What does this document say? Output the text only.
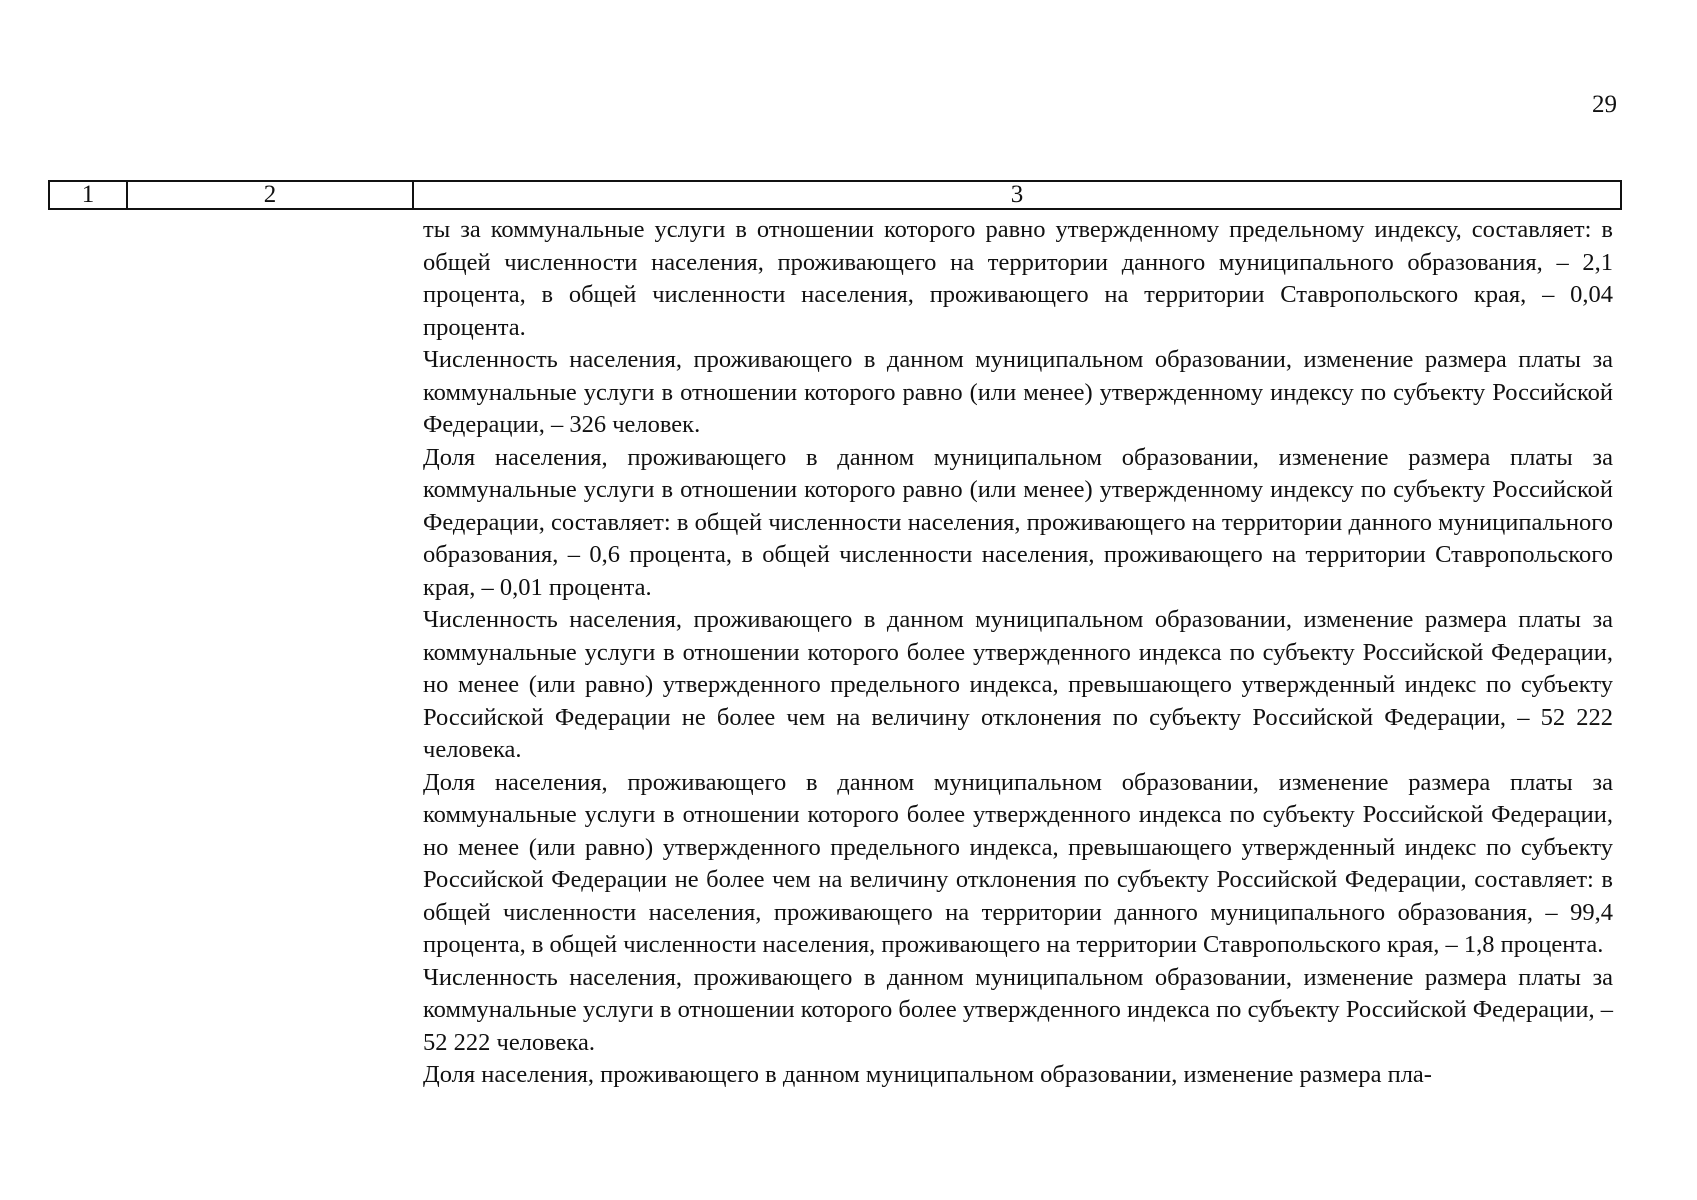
29
1	2	3

ты за коммунальные услуги в отношении которого равно утвержденному предельному индексу, составляет: в общей численности населения, проживающего на территории данного муниципального образования, – 2,1 процента, в общей численности населения, проживающего на территории Ставропольского края, – 0,04 процента.

Численность населения, проживающего в данном муниципальном образовании, изменение размера платы за коммунальные услуги в отношении которого равно (или менее) утвержденному индексу по субъекту Российской Федерации, – 326 человек.

Доля населения, проживающего в данном муниципальном образовании, изменение размера платы за коммунальные услуги в отношении которого равно (или менее) утвержденному индексу по субъекту Российской Федерации, составляет: в общей численности населения, проживающего на территории данного муниципального образования, – 0,6 процента, в общей численности населения, проживающего на территории Ставропольского края, – 0,01 процента.

Численность населения, проживающего в данном муниципальном образовании, изменение размера платы за коммунальные услуги в отношении которого более утвержденного индекса по субъекту Российской Федерации, но менее (или равно) утвержденного предельного индекса, превышающего утвержденный индекс по субъекту Российской Федерации не более чем на величину отклонения по субъекту Российской Федерации, – 52 222 человека.

Доля населения, проживающего в данном муниципальном образовании, изменение размера платы за коммунальные услуги в отношении которого более утвержденного индекса по субъекту Российской Федерации, но менее (или равно) утвержденного предельного индекса, превышающего утвержденный индекс по субъекту Российской Федерации не более чем на величину отклонения по субъекту Российской Федерации, составляет: в общей численности населения, проживающего на территории данного муниципального образования, – 99,4 процента, в общей численности населения, проживающего на территории Ставропольского края, – 1,8 процента.

Численность населения, проживающего в данном муниципальном образовании, изменение размера платы за коммунальные услуги в отношении которого более утвержденного индекса по субъекту Российской Федерации, – 52 222 человека.

Доля населения, проживающего в данном муниципальном образовании, изменение размера пла-
